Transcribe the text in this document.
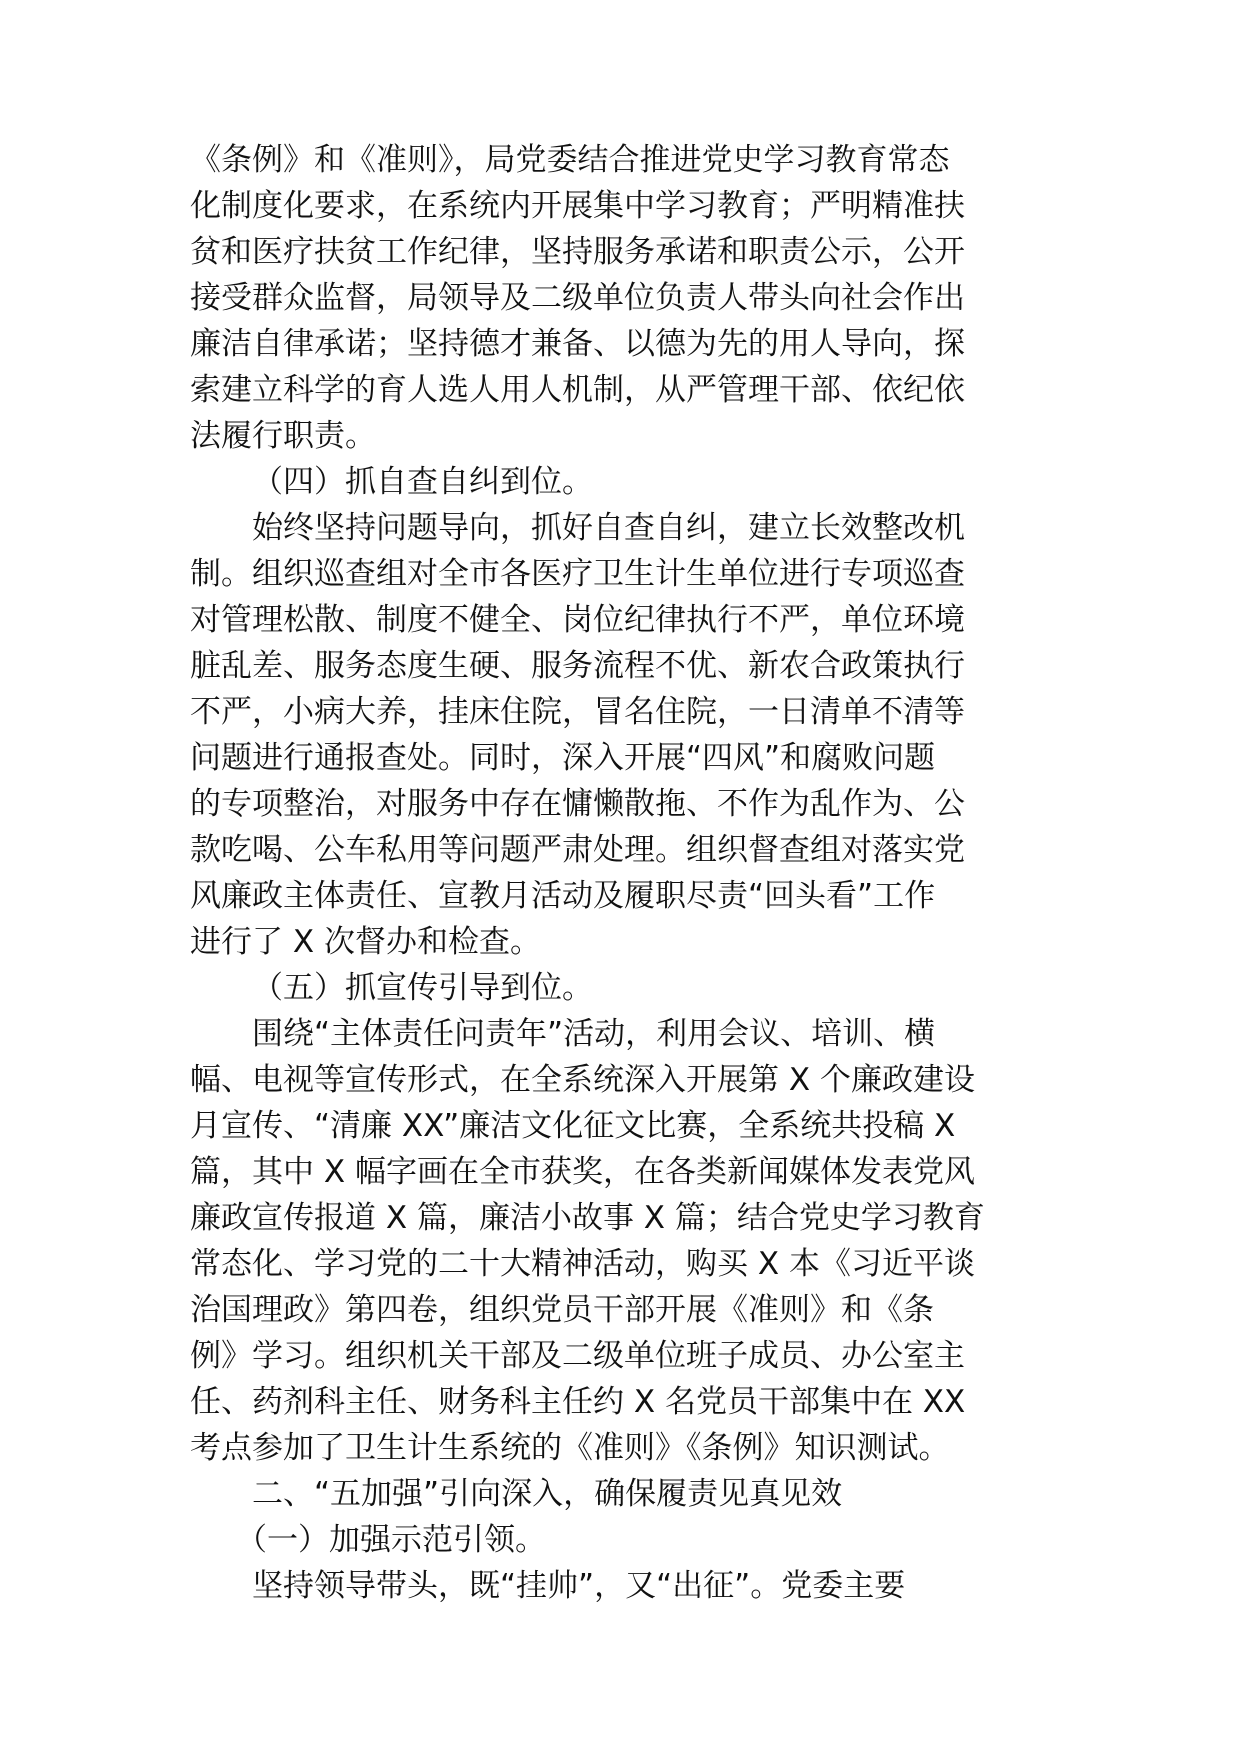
《条例》和《准则》，局党委结合推进党史学习教育常态
化制度化要求，在系统内开展集中学习教育；严明精准扶
贫和医疗扶贫工作纪律，坚持服务承诺和职责公示，公开
接受群众监督，局领导及二级单位负责人带头向社会作出
廉洁自律承诺；坚持德才兼备、以德为先的用人导向，探
索建立科学的育人选人用人机制，从严管理干部、依纪依
法履行职责。
（四）抓自查自纠到位。
始终坚持问题导向，抓好自查自纠，建立长效整改机
制。组织巡查组对全市各医疗卫生计生单位进行专项巡查
对管理松散、制度不健全、岗位纪律执行不严，单位环境
脏乱差、服务态度生硬、服务流程不优、新农合政策执行
不严，小病大养，挂床住院，冒名住院，一日清单不清等
问题进行通报查处。同时，深入开展“四风”和腐败问题
的专项整治，对服务中存在慵懒散拖、不作为乱作为、公
款吃喝、公车私用等问题严肃处理。组织督查组对落实党
风廉政主体责任、宣教月活动及履职尽责“回头看”工作
进行了 X 次督办和检查。
（五）抓宣传引导到位。
围绕“主体责任问责年”活动，利用会议、培训、横
幅、电视等宣传形式，在全系统深入开展第 X 个廉政建设
月宣传、“清廉 XX”廉洁文化征文比赛，全系统共投稿 X
篇，其中 X 幅字画在全市获奖，在各类新闻媒体发表党风
廉政宣传报道 X 篇，廉洁小故事 X 篇；结合党史学习教育
常态化、学习党的二十大精神活动，购买 X 本《习近平谈
治国理政》第四卷，组织党员干部开展《准则》和《条
例》学习。组织机关干部及二级单位班子成员、办公室主
任、药剂科主任、财务科主任约 X 名党员干部集中在 XX
考点参加了卫生计生系统的《准则》《条例》知识测试。
二、“五加强”引向深入，确保履责见真见效
（一）加强示范引领。
坚持领导带头，既“挂帅”，又“出征”。党委主要
